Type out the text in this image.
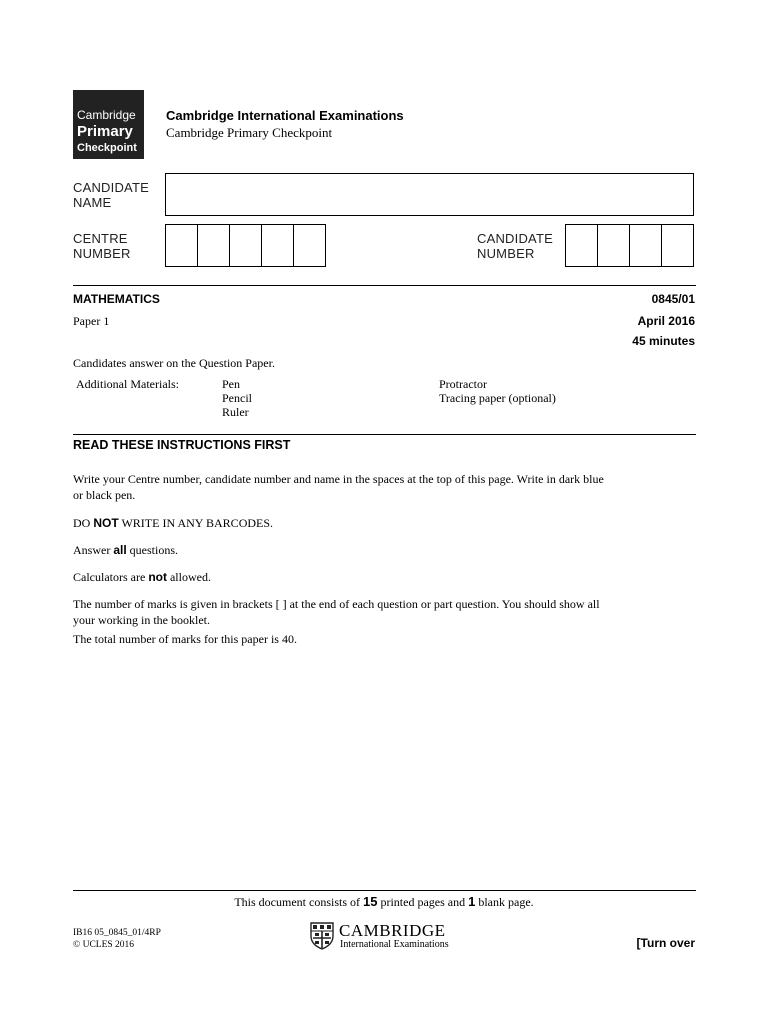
Cambridge
Primary
Checkpoint
Cambridge International Examinations
Cambridge Primary Checkpoint
CANDIDATE
NAME
CENTRE
NUMBER
CANDIDATE
NUMBER
MATHEMATICS
Paper 1
0845/01
April 2016
45 minutes
Candidates answer on the Question Paper.
Additional Materials:	Pen
Pencil
Ruler
Protractor
Tracing paper (optional)
READ THESE INSTRUCTIONS FIRST
Write your Centre number, candidate number and name in the spaces at the top of this page. Write in dark blue or black pen.
DO NOT WRITE IN ANY BARCODES.
Answer all questions.
Calculators are not allowed.
The number of marks is given in brackets [ ] at the end of each question or part question. You should show all your working in the booklet.
The total number of marks for this paper is 40.
This document consists of 15 printed pages and 1 blank page.
IB16 05_0845_01/4RP
© UCLES 2016
CAMBRIDGE
International Examinations	[Turn over
